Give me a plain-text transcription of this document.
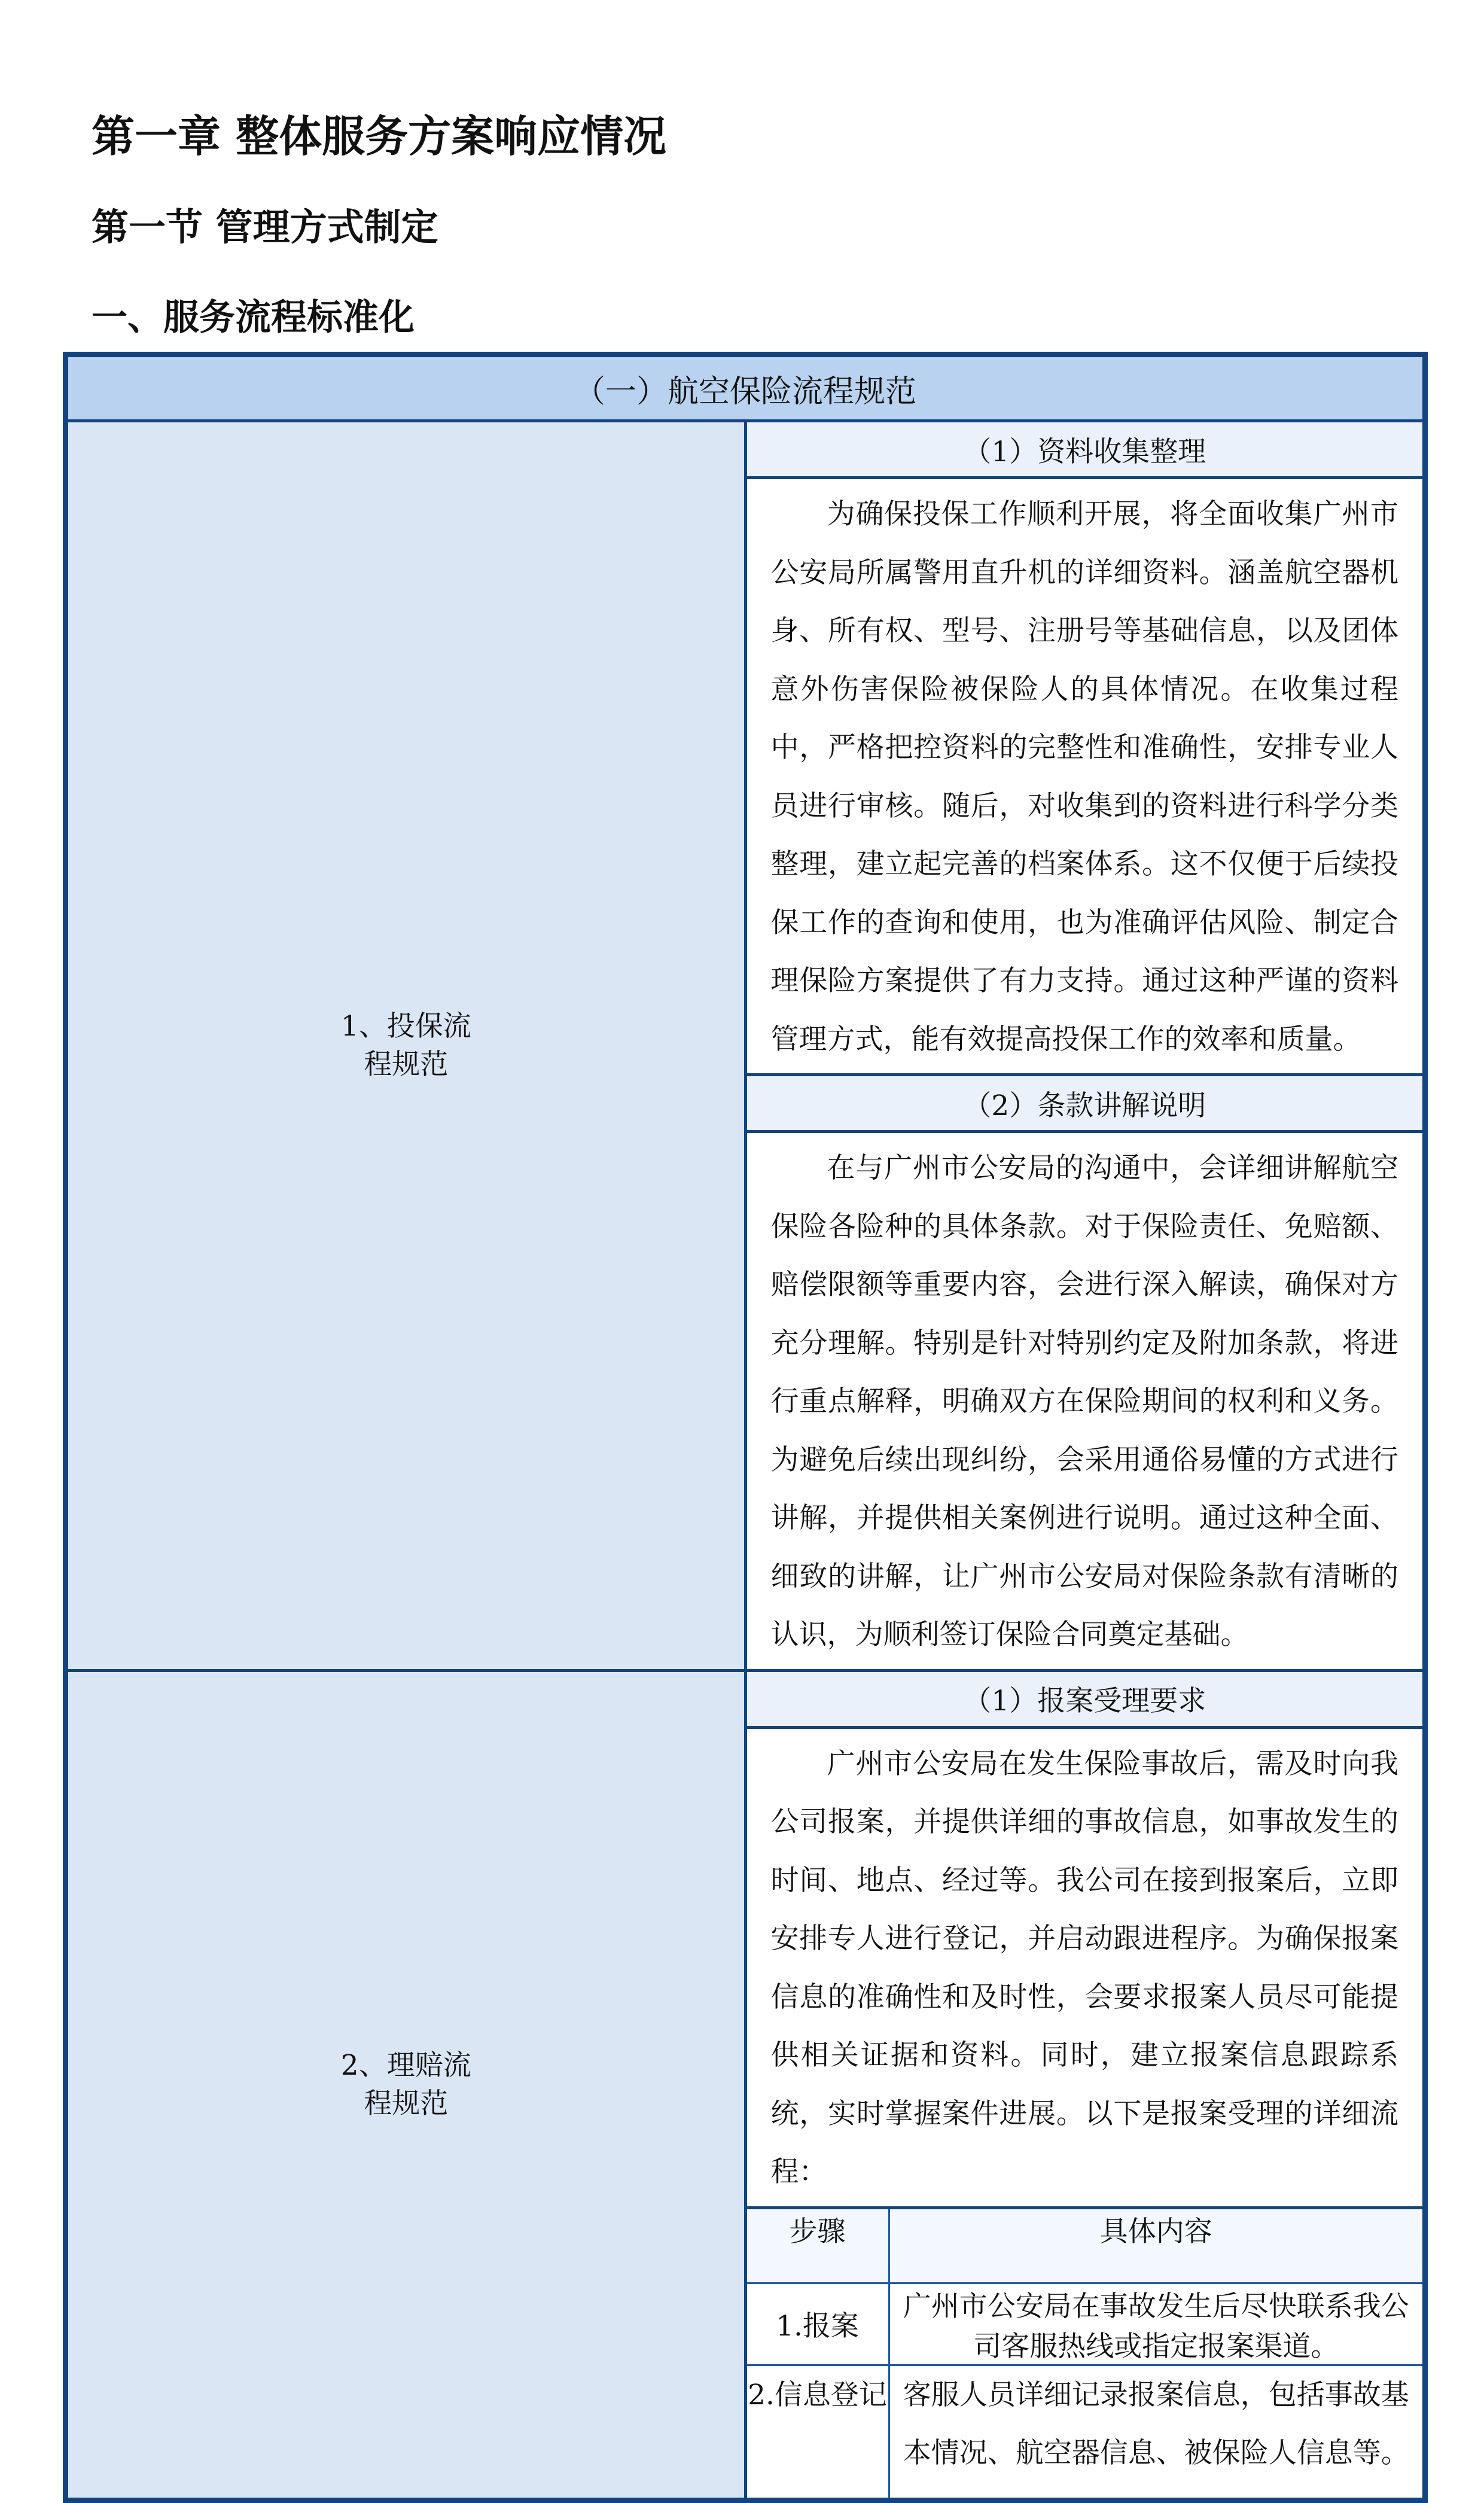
第一章 整体服务方案响应情况
第一节 管理方式制定
一、服务流程标准化
（一）航空保险流程规范

1、投保流程规范
	（1）资料收集整理
为确保投保工作顺利开展，将全面收集广州市公安局所属警用直升机的详细资料。涵盖航空器机身、所有权、型号、注册号等基础信息，以及团体意外伤害保险被保险人的具体情况。在收集过程中，严格把控资料的完整性和准确性，安排专业人员进行审核。随后，对收集到的资料进行科学分类整理，建立起完善的档案体系。这不仅便于后续投保工作的查询和使用，也为准确评估风险、制定合理保险方案提供了有力支持。通过这种严谨的资料管理方式，能有效提高投保工作的效率和质量。
（2）条款讲解说明
在与广州市公安局的沟通中，会详细讲解航空保险各险种的具体条款。对于保险责任、免赔额、赔偿限额等重要内容，会进行深入解读，确保对方充分理解。特别是针对特别约定及附加条款，将进行重点解释，明确双方在保险期间的权利和义务。为避免后续出现纠纷，会采用通俗易懂的方式进行讲解，并提供相关案例进行说明。通过这种全面、细致的讲解，让广州市公安局对保险条款有清晰的认识，为顺利签订保险合同奠定基础。

2、理赔流程规范
	（1）报案受理要求
广州市公安局在发生保险事故后，需及时向我公司报案，并提供详细的事故信息，如事故发生的时间、地点、经过等。我公司在接到报案后，立即安排专人进行登记，并启动跟进程序。为确保报案信息的准确性和及时性，会要求报案人员尽可能提供相关证据和资料。同时，建立报案信息跟踪系统，实时掌握案件进展。以下是报案受理的详细流程：

步骤	具体内容
1.报案	广州市公安局在事故发生后尽快联系我公司客服热线或指定报案渠道。
2.信息登记	客服人员详细记录报案信息，包括事故基本情况、航空器信息、被保险人信息等。
